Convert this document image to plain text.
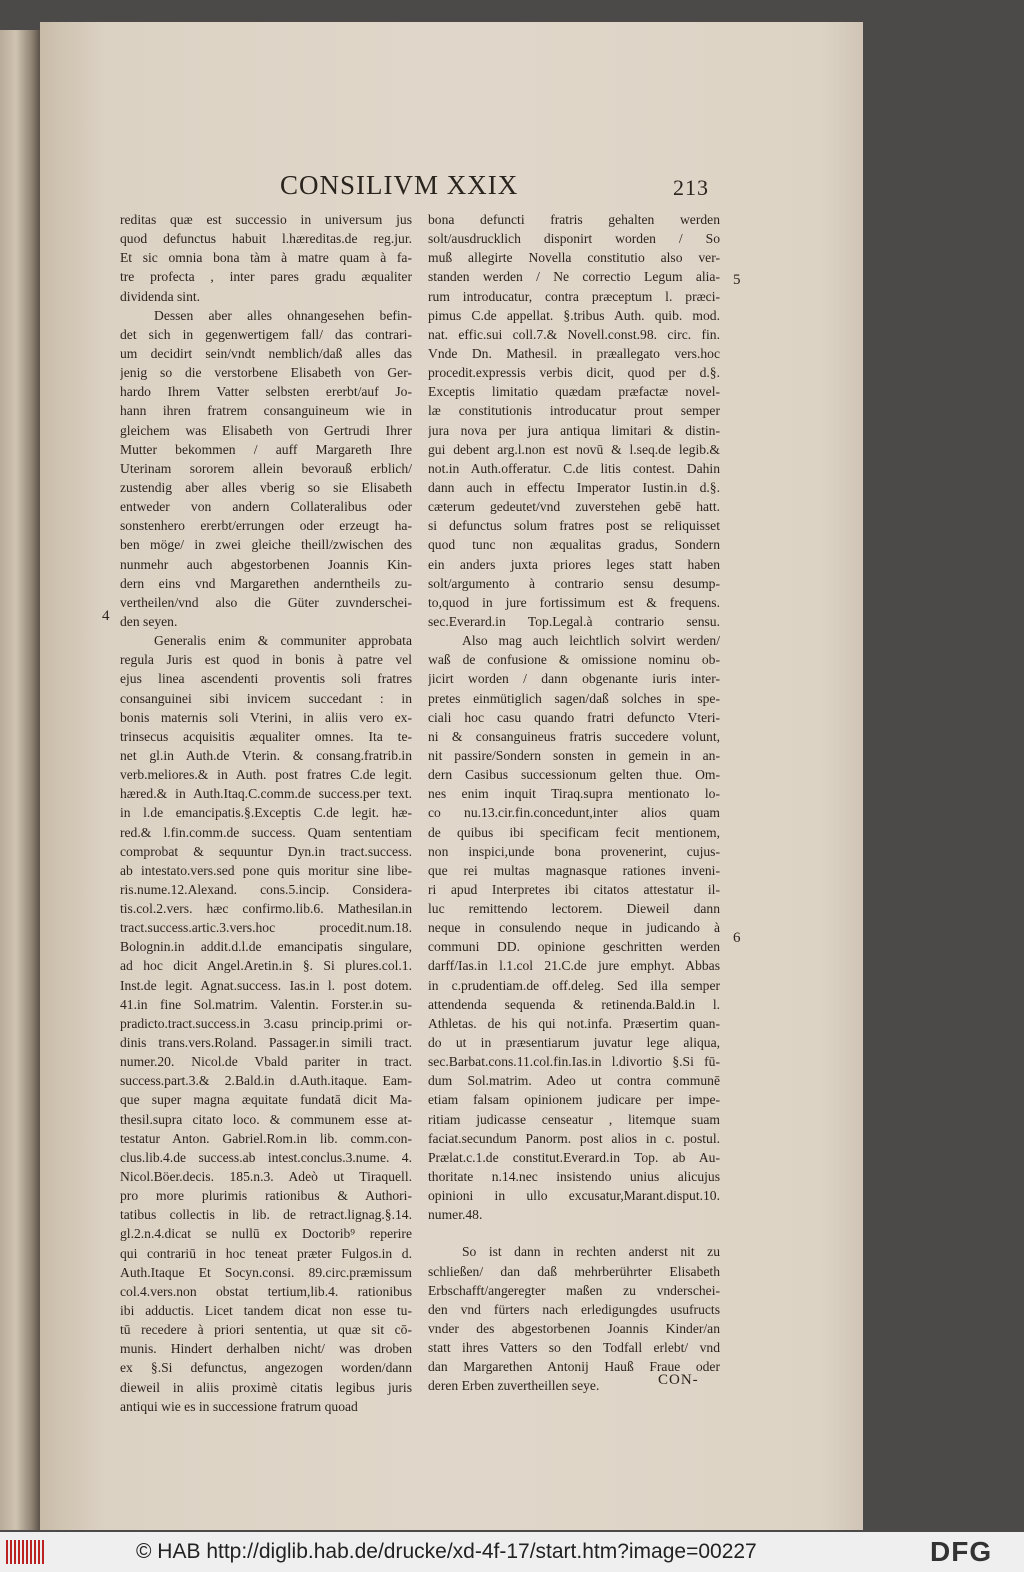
CONSILIVM XXIX	213
reditas quæ est successio in universum jus
quod defunctus habuit l.hæreditas.de reg.jur.
Et sic omnia bona tàm à matre quam à fa-
tre profecta , inter pares gradu æqualiter
dividenda sint.
Dessen aber alles ohnangesehen befin-
det sich in gegenwertigem fall/ das contrari-
um decidirt sein/vndt nemblich/daß alles das
jenig so die verstorbene Elisabeth von Ger-
hardo Ihrem Vatter selbsten ererbt/auf Jo-
hann ihren fratrem consanguineum wie in
gleichem was Elisabeth von Gertrudi Ihrer
Mutter bekommen / auff Margareth Ihre
Uterinam sororem allein bevorauß erblich/
zustendig aber alles vberig so sie Elisabeth
entweder von andern Collateralibus oder
sonstenhero ererbt/errungen oder erzeugt ha-
ben möge/ in zwei gleiche theill/zwischen des
nunmehr auch abgestorbenen Joannis Kin-
dern eins vnd Margarethen anderntheils zu-
vertheilen/vnd also die Güter zuvnderschei-
den seyen.
Generalis enim & communiter approbata
regula Juris est quod in bonis à patre vel
ejus linea ascendenti proventis soli fratres
consanguinei sibi invicem succedant : in
bonis maternis soli Vterini, in aliis vero ex-
trinsecus acquisitis æqualiter omnes. Ita te-
net gl.in Auth.de Vterin. & consang.fratrib.in
verb.meliores.& in Auth. post fratres C.de legit.
hæred.& in Auth.Itaq.C.comm.de success.per text.
in l.de emancipatis.§.Exceptis C.de legit. hæ-
red.& l.fin.comm.de success. Quam sententiam
comprobat & sequuntur Dyn.in tract.success.
ab intestato.vers.sed pone quis moritur sine libe-
ris.nume.12.Alexand. cons.5.incip. Considera-
tis.col.2.vers. hæc confirmo.lib.6. Mathesilan.in
tract.success.artic.3.vers.hoc procedit.num.18.
Bolognin.in addit.d.l.de emancipatis singulare,
ad hoc dicit Angel.Aretin.in §. Si plures.col.1.
Inst.de legit. Agnat.success. Ias.in l. post dotem.
41.in fine Sol.matrim. Valentin. Forster.in su-
pradicto.tract.success.in 3.casu princip.primi or-
dinis trans.vers.Roland. Passager.in simili tract.
numer.20. Nicol.de Vbald pariter in tract.
success.part.3.& 2.Bald.in d.Auth.itaque. Eam-
que super magna æquitate fundatā dicit Ma-
thesil.supra citato loco. & communem esse at-
testatur Anton. Gabriel.Rom.in lib. comm.con-
clus.lib.4.de success.ab intest.conclus.3.nume. 4.
Nicol.Böer.decis. 185.n.3. Adeò ut Tiraquell.
pro more plurimis rationibus & Authori-
tatibus collectis in lib. de retract.lignag.§.14.
gl.2.n.4.dicat se nullū ex Doctorib⁹ reperire
qui contrariū in hoc teneat præter Fulgos.in d.
Auth.Itaque Et Socyn.consi. 89.circ.præmissum
col.4.vers.non obstat tertium,lib.4. rationibus
ibi adductis. Licet tandem dicat non esse tu-
tū recedere à priori sententia, ut quæ sit cō-
munis. Hindert derhalben nicht/ was droben
ex §.Si defunctus, angezogen worden/dann
dieweil in aliis proximè citatis legibus juris
antiqui wie es in successione fratrum quoad
bona defuncti fratris gehalten werden
solt/ausdrucklich disponirt worden / So
muß allegirte Novella constitutio also ver-
standen werden / Ne correctio Legum alia-
rum introducatur, contra præceptum l. præci-
pimus C.de appellat. §.tribus Auth. quib. mod.
nat. effic.sui coll.7.& Novell.const.98. circ. fin.
Vnde Dn. Mathesil. in præallegato vers.hoc
procedit.expressis verbis dicit, quod per d.§.
Exceptis limitatio quædam præfactæ novel-
læ constitutionis introducatur prout semper
jura nova per jura antiqua limitari & distin-
gui debent arg.l.non est novū & l.seq.de legib.&
not.in Auth.offeratur. C.de litis contest. Dahin
dann auch in effectu Imperator Iustin.in d.§.
cæterum gedeutet/vnd zuverstehen gebē hatt.
si defunctus solum fratres post se reliquisset
quod tunc non æqualitas gradus, Sondern
ein anders juxta priores leges statt haben
solt/argumento à contrario sensu desump-
to,quod in jure fortissimum est & frequens.
sec.Everard.in Top.Legal.à contrario sensu.
Also mag auch leichtlich solvirt werden/
waß de confusione & omissione nominu ob-
jicirt worden / dann obgenante iuris inter-
pretes einmütiglich sagen/daß solches in spe-
ciali hoc casu quando fratri defuncto Vteri-
ni & consanguineus fratris succedere volunt,
nit passire/Sondern sonsten in gemein in an-
dern Casibus successionum gelten thue. Om-
nes enim inquit Tiraq.supra mentionato lo-
co nu.13.cir.fin.concedunt,inter alios quam
de quibus ibi specificam fecit mentionem,
non inspici,unde bona provenerint, cujus-
que rei multas magnasque rationes inveni-
ri apud Interpretes ibi citatos attestatur il-
luc remittendo lectorem. Dieweil dann
neque in consulendo neque in judicando à
communi DD. opinione geschritten werden
darff/Ias.in l.1.col 21.C.de jure emphyt. Abbas
in c.prudentiam.de off.deleg. Sed illa semper
attendenda sequenda & retinenda.Bald.in l.
Athletas. de his qui not.infa. Præsertim quan-
do ut in præsentiarum juvatur lege aliqua,
sec.Barbat.cons.11.col.fin.Ias.in l.divortio §.Si fū-
dum Sol.matrim. Adeo ut contra communē
etiam falsam opinionem judicare per impe-
ritiam judicasse censeatur , litemque suam
faciat.secundum Panorm. post alios in c. postul.
Prælat.c.1.de constitut.Everard.in Top. ab Au-
thoritate n.14.nec insistendo unius alicujus
opinioni in ullo excusatur,Marant.disput.10.
numer.48.
So ist dann in rechten anderst nit zu
schließen/ dan daß mehrberührter Elisabeth
Erbschafft/angeregter maßen zu vnderschei-
den vnd fürters nach erledigungdes usufructs
vnder des abgestorbenen Joannis Kinder/an
statt ihres Vatters so den Todfall erlebt/ vnd
dan Margarethen Antonij Hauß Fraue oder
deren Erben zuvertheillen seye.
4
5
6
CON-
© HAB http://diglib.hab.de/drucke/xd-4f-17/start.htm?image=00227	DFG
